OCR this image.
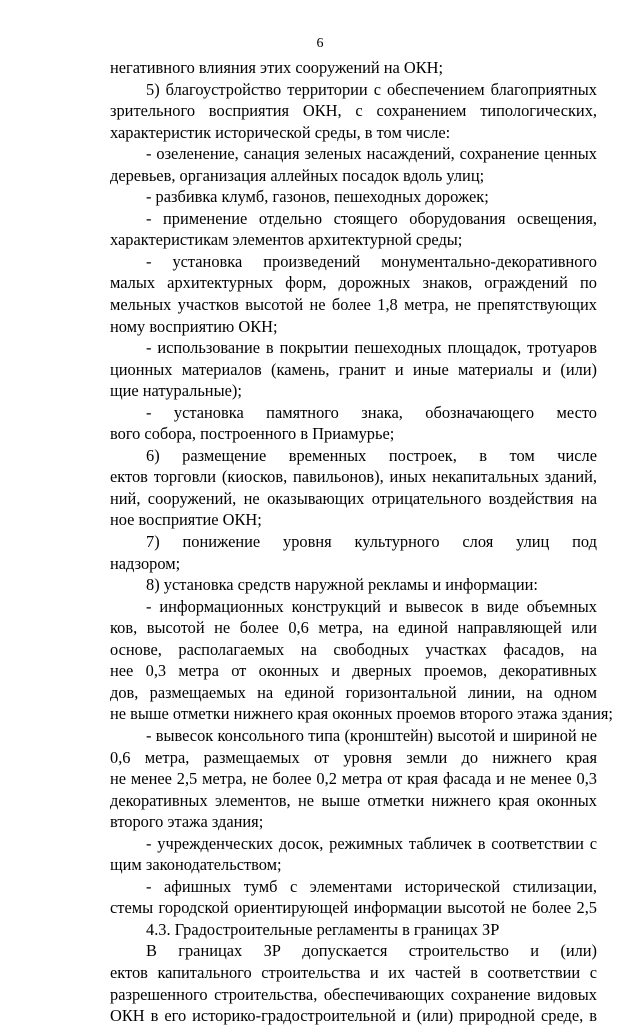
6
негативного влияния этих сооружений на ОКН;
5) благоустройство территории с обеспечением благоприятных
зрительного восприятия ОКН, с сохранением типологических,
характеристик исторической среды, в том числе:
- озеленение, санация зеленых насаждений, сохранение ценных
деревьев, организация аллейных посадок вдоль улиц;
- разбивка клумб, газонов, пешеходных дорожек;
- применение отдельно стоящего оборудования освещения,
характеристикам элементов архитектурной среды;
- установка произведений монументально-декоративного
малых архитектурных форм, дорожных знаков, ограждений по
мельных участков высотой не более 1,8 метра, не препятствующих
ному восприятию ОКН;
- использование в покрытии пешеходных площадок, тротуаров
ционных материалов (камень, гранит и иные материалы и (или)
щие натуральные);
- установка памятного знака, обозначающего место
вого собора, построенного в Приамурье;
6) размещение временных построек, в том числе
ектов торговли (киосков, павильонов), иных некапитальных зданий,
ний, сооружений, не оказывающих отрицательного воздействия на
ное восприятие ОКН;
7) понижение уровня культурного слоя улиц под
надзором;
8) установка средств наружной рекламы и информации:
- информационных конструкций и вывесок в виде объемных
ков, высотой не более 0,6 метра, на единой направляющей или
основе, располагаемых на свободных участках фасадов, на
нее 0,3 метра от оконных и дверных проемов, декоративных
дов, размещаемых на единой горизонтальной линии, на одном
не выше отметки нижнего края оконных проемов второго этажа здания;
- вывесок консольного типа (кронштейн) высотой и шириной не
0,6 метра, размещаемых от уровня земли до нижнего края
не менее 2,5 метра, не более 0,2 метра от края фасада и не менее 0,3
декоративных элементов, не выше отметки нижнего края оконных
второго этажа здания;
- учрежденческих досок, режимных табличек в соответствии с
щим законодательством;
- афишных тумб с элементами исторической стилизации,
стемы городской ориентирующей информации высотой не более 2,5
4.3. Градостроительные регламенты в границах ЗР
В границах ЗР допускается строительство и (или)
ектов капитального строительства и их частей в соответствии с
разрешенного строительства, обеспечивающих сохранение видовых
ОКН в его историко-градостроительной и (или) природной среде, в
